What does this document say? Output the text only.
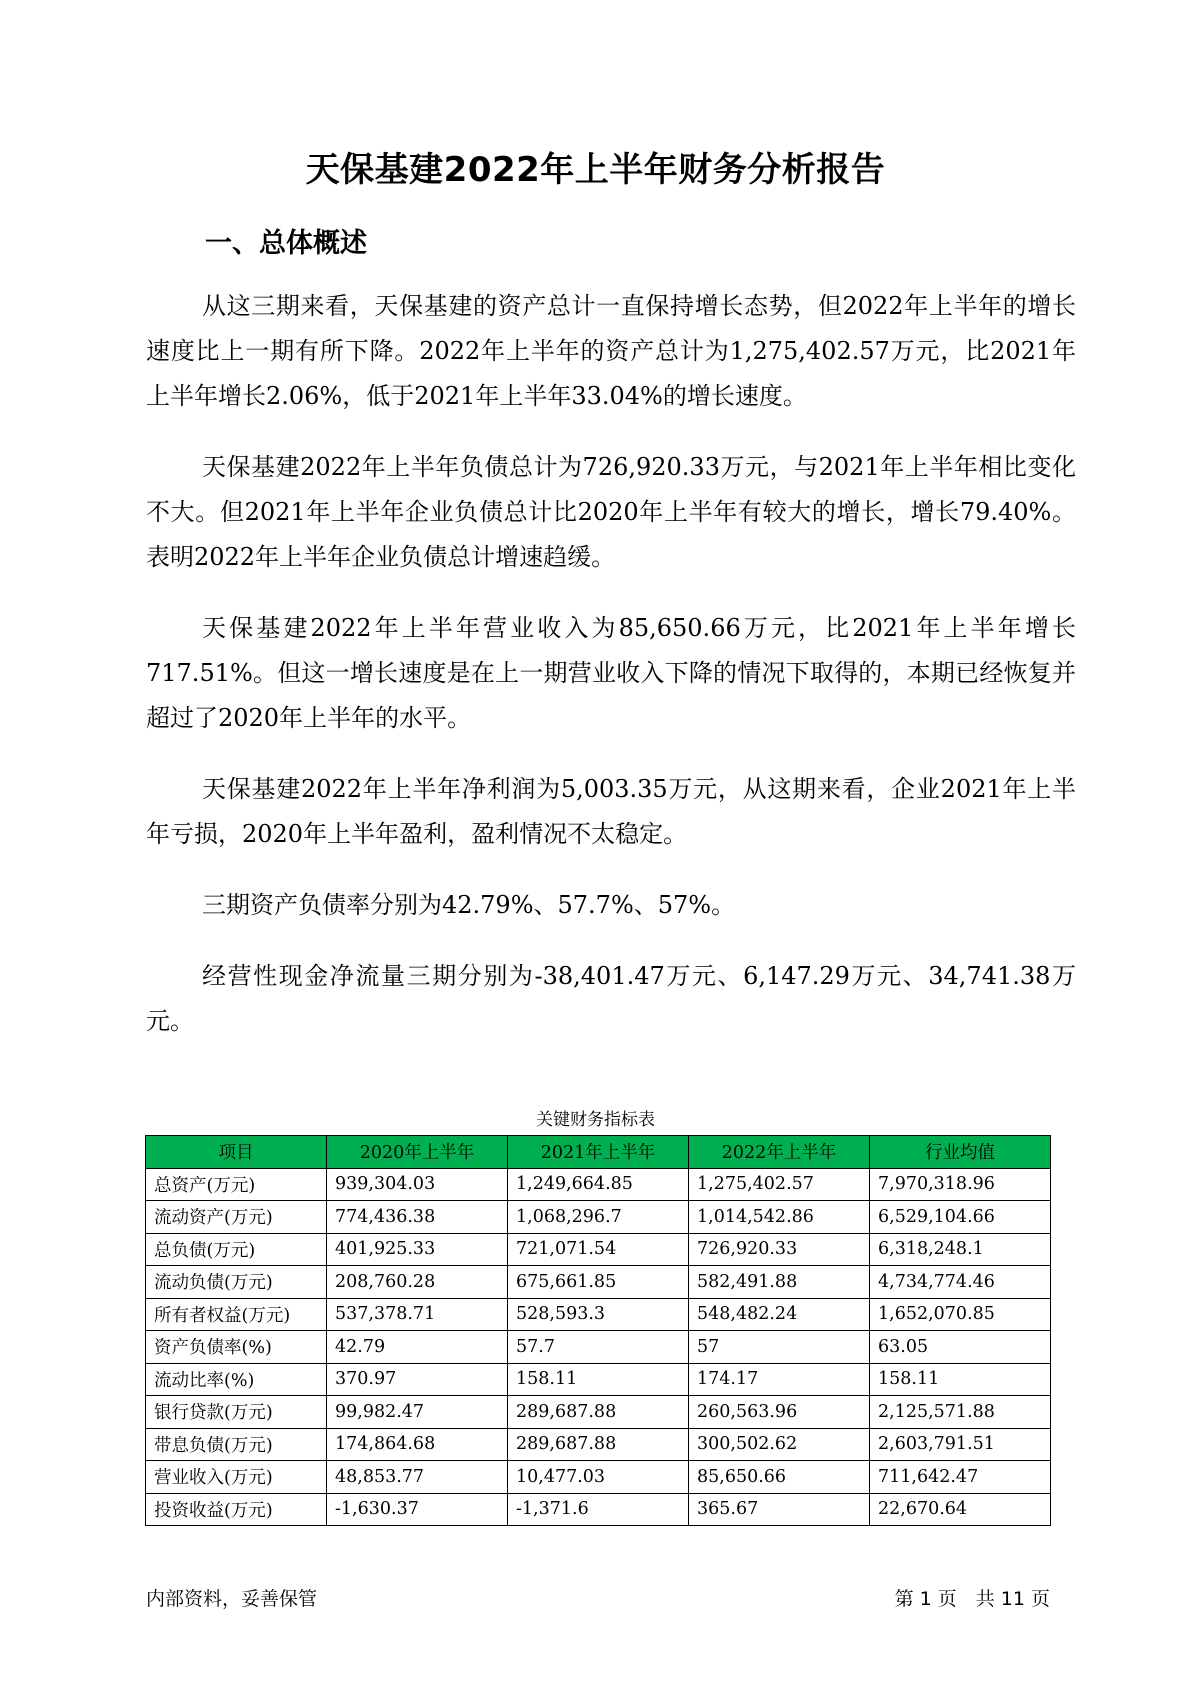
天保基建2022年上半年财务分析报告
一、总体概述

从这三期来看，天保基建的资产总计一直保持增长态势，但2022年上半年的增长速度比上一期有所下降。2022年上半年的资产总计为1,275,402.57万元，比2021年上半年增长2.06%，低于2021年上半年33.04%的增长速度。

天保基建2022年上半年负债总计为726,920.33万元，与2021年上半年相比变化不大。但2021年上半年企业负债总计比2020年上半年有较大的增长，增长79.40%。表明2022年上半年企业负债总计增速趋缓。

天保基建2022年上半年营业收入为85,650.66万元，比2021年上半年增长717.51%。但这一增长速度是在上一期营业收入下降的情况下取得的，本期已经恢复并超过了2020年上半年的水平。

天保基建2022年上半年净利润为5,003.35万元，从这期来看，企业2021年上半年亏损，2020年上半年盈利，盈利情况不太稳定。

三期资产负债率分别为42.79%、57.7%、57%。

经营性现金净流量三期分别为-38,401.47万元、6,147.29万元、34,741.38万元。

关键财务指标表
项目	2020年上半年	2021年上半年	2022年上半年	行业均值
总资产(万元)	939,304.03	1,249,664.85	1,275,402.57	7,970,318.96
流动资产(万元)	774,436.38	1,068,296.7	1,014,542.86	6,529,104.66
总负债(万元)	401,925.33	721,071.54	726,920.33	6,318,248.1
流动负债(万元)	208,760.28	675,661.85	582,491.88	4,734,774.46
所有者权益(万元)	537,378.71	528,593.3	548,482.24	1,652,070.85
资产负债率(%)	42.79	57.7	57	63.05
流动比率(%)	370.97	158.11	174.17	158.11
银行贷款(万元)	99,982.47	289,687.88	260,563.96	2,125,571.88
带息负债(万元)	174,864.68	289,687.88	300,502.62	2,603,791.51
营业收入(万元)	48,853.77	10,477.03	85,650.66	711,642.47
投资收益(万元)	-1,630.37	-1,371.6	365.67	22,670.64
内部资料，妥善保管	第 1 页　共 11 页
